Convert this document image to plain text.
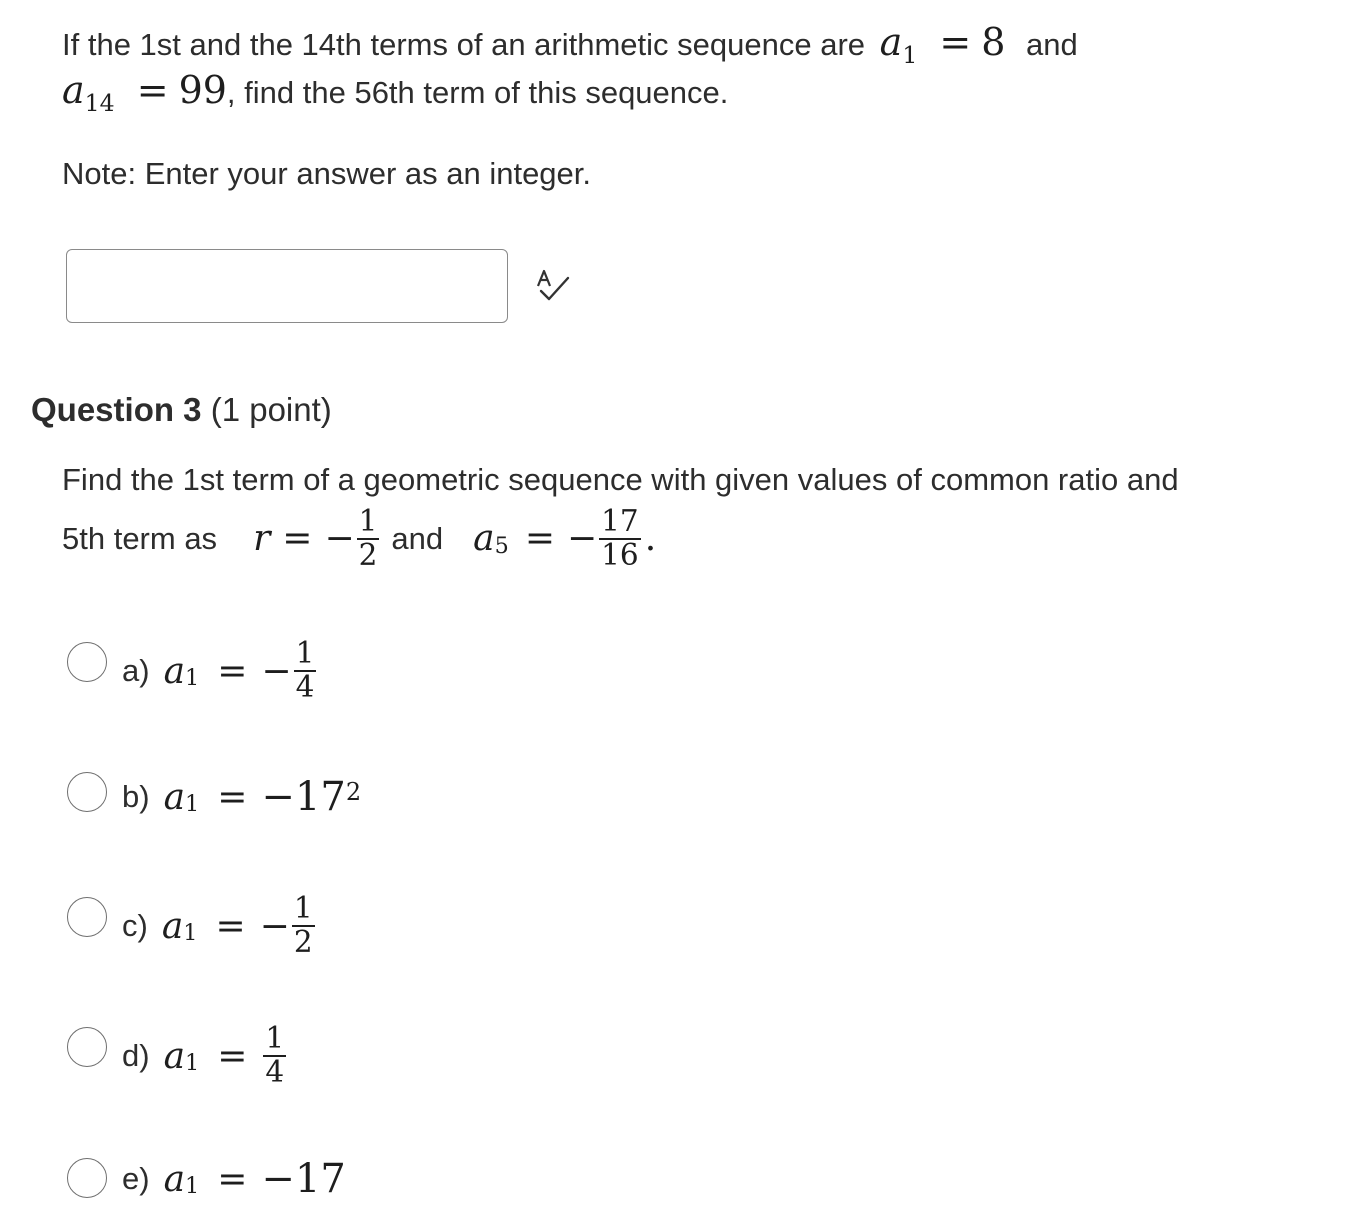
If the 1st and the 14th terms of an arithmetic sequence are $a_1 = 8$ and
$a_{14} = 99$, find the 56th term of this sequence.
Note: Enter your answer as an integer.
Question 3 (1 point)
Find the 1st term of a geometric sequence with given values of common ratio and
5th term as r = − $\frac{1}{2}$ and a 5 = − $\frac{17}{16}$ .
a) a 1 = − $\frac{1}{4}$
b) a 1 = −17 2
c) a 1 = − $\frac{1}{2}$
d) a $1 = \frac{1}{4}$
e) a 1 = −17
